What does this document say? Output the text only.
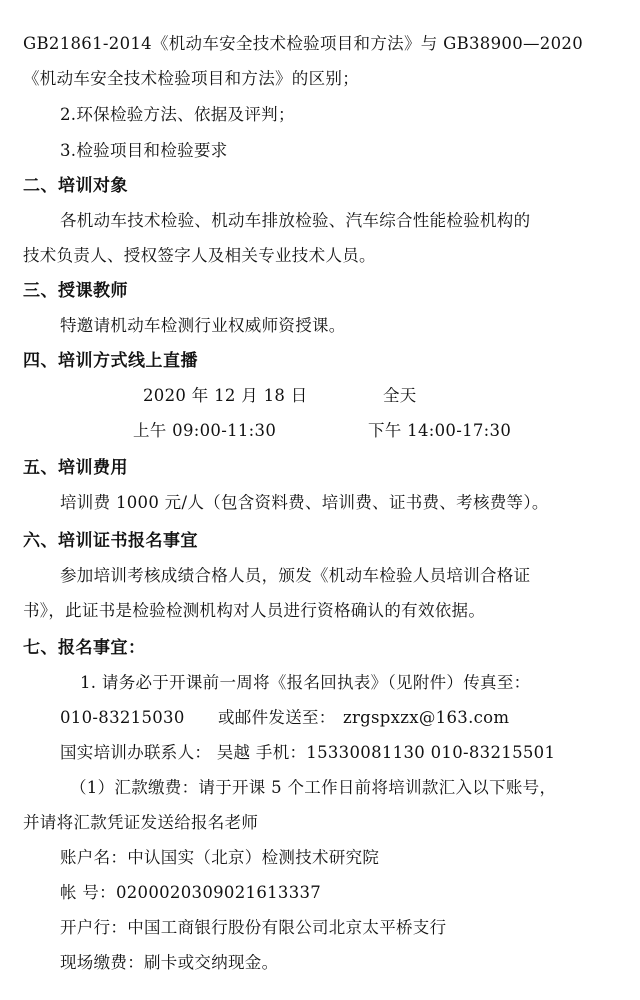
GB21861-2014《机动车安全技术检验项目和方法》与 GB38900—2020
《机动车安全技术检验项目和方法》的区别；
2.环保检验方法、依据及评判；
3.检验项目和检验要求
二、培训对象
各机动车技术检验、机动车排放检验、汽车综合性能检验机构的
技术负责人、授权签字人及相关专业技术人员。
三、授课教师
特邀请机动车检测行业权威师资授课。
四、培训方式线上直播
2020 年 12 月 18 日	全天
上午 09:00-11:30	下午 14:00-17:30
五、培训费用
培训费 1000 元/人（包含资料费、培训费、证书费、考核费等）。
六、培训证书报名事宜
参加培训考核成绩合格人员，颁发《机动车检验人员培训合格证
书》，此证书是检验检测机构对人员进行资格确认的有效依据。
七、报名事宜：
1. 请务必于开课前一周将《报名回执表》（见附件）传真至：
010-83215030 或邮件发送至： zrgspxzx@163.com
国实培训办联系人： 吴越 手机：15330081130 010-83215501
（1）汇款缴费：请于开课 5 个工作日前将培训款汇入以下账号，
并请将汇款凭证发送给报名老师
账户名：中认国实（北京）检测技术研究院
帐 号：0200020309021613337
开户行：中国工商银行股份有限公司北京太平桥支行
现场缴费：刷卡或交纳现金。
